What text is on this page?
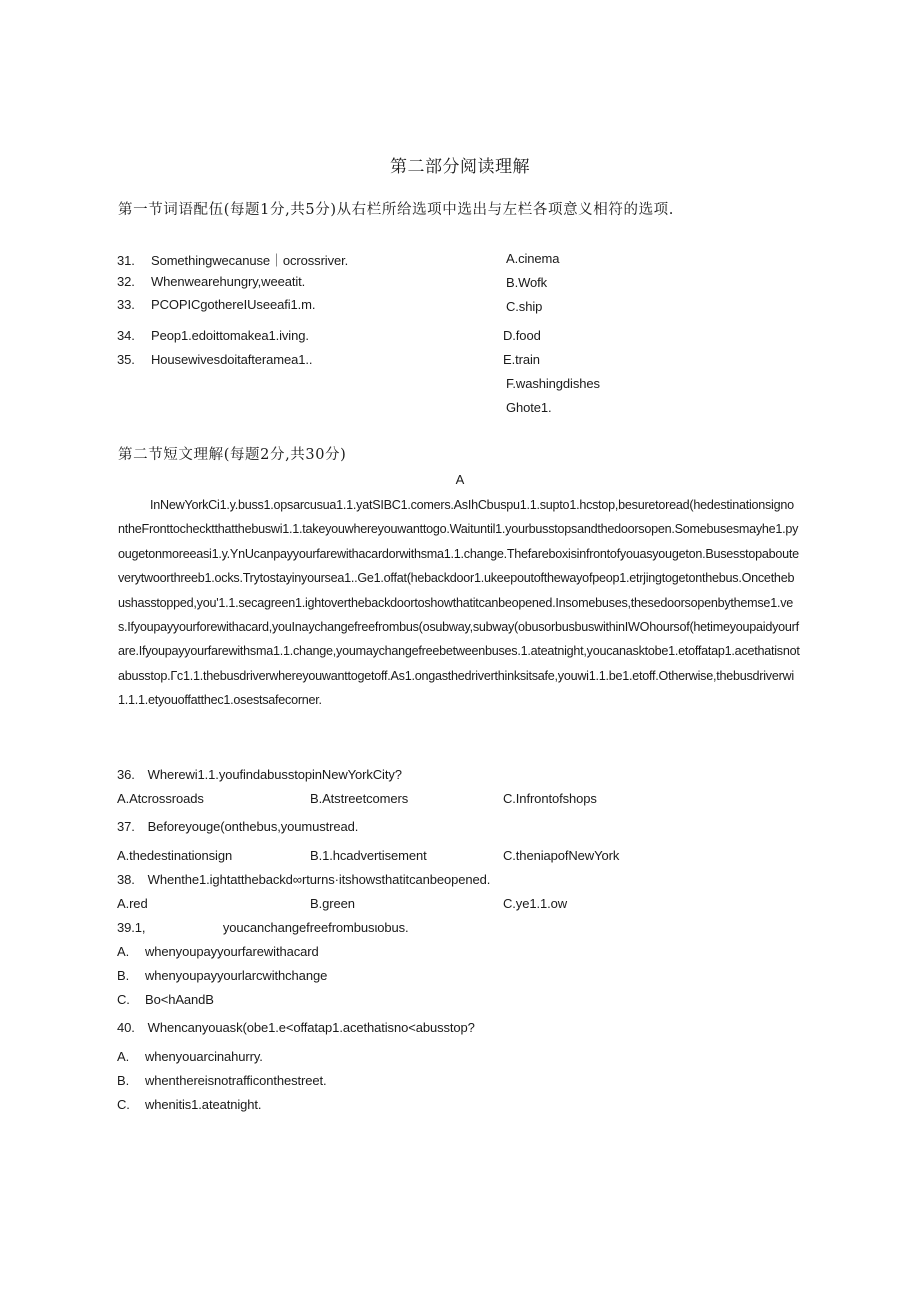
第二部分阅读理解
第一节词语配伍(每题1分,共5分)从右栏所给选项中选出与左栏各项意义相符的选项.
31. Somethingwecanuse｜ocrossriver.
32. Whenwearehungry,weeatit.
33. PCOPICgothereIUseeafi1.m.
34. Peop1.edoittomakea1.iving.
35. Housewivesdoitafteramea1..
A.cinema
B.Wofk
C.ship
D.food
E.train
F.washingdishes
Ghote1.
第二节短文理解(每题2分,共30分)
A

InNewYorkCi1.y.buss1.opsarcusua1.1.yatSIBC1.comers.AsIhCbuspu1.1.supto1.hcstop,besuretoread(hedestinationsignontheFronttochecktthatthebuswi1.1.takeyouwhereyouwanttogo.Waituntil1.yourbusstopsandthedoorsopen.Somebusesmayhe1.pyougetonmoreeasi1.y.YnUcanpayyourfarewithacardorwithsma1.1.change.Thefareboxisinfrontofyouasyougeton.Busesstopabouteverytwoorthreeb1.ocks.Trytostayinyoursea1..Ge1.offat(hebackdoor1.ukeepoutofthewayofpeop1.etrjingtogetonthebus.Oncethebushasstopped,you'1.1.secagreen1.ightoverthebackdoortoshowthatitcanbeopened.Insomebuses,thesedoorsopenbythemse1.ves.Ifyoupayyourforewithacard,youInaychangefreefrombus(osubway,subway(obusorbusbuswithinIWOhoursof(hetimeyoupaidyourfare.Ifyoupayyourfarewithsma1.1.change,youmaychangefreebetweenbuses.1.ateatnight,youcanasktobe1.etoffatap1.acethatisnotabusstop.Гc1.1.thebusdriverwhereyouwanttogetoff.As1.ongasthedriverthinksitsafe,youwi1.1.be1.etoff.Otherwise,thebusdriverwi1.1.1.etyouoffatthec1.osestsafecorner.

36. Wherewi1.1.youfindabusstopinNewYorkCity?
A.Atcrossroads	B.Atstreetcomers	C.Infrontofshops
37. Beforeyouge(onthebus,youmustread.
A.thedestinationsign	B.1.hcadvertisement	C.theniapofNewYork
38. Whenthe1.ightatthebackd∞rturns·itshowsthatitcanbeopened.
A.red	B.green	C.ye1.1.ow
39.1,      youcanchangefreefrombusιobus.
A. whenyoupayyourfarewithacard
B. whenyoupayyourlarcwithchange
C. Bo<hAandB
40. Whencanyouask(obe1.e<offatap1.acethatisno<abusstop?
A. whenyouarcinahurry.
B. whenthereisnotrafficonthestreet.
C. whenitis1.ateatnight.
